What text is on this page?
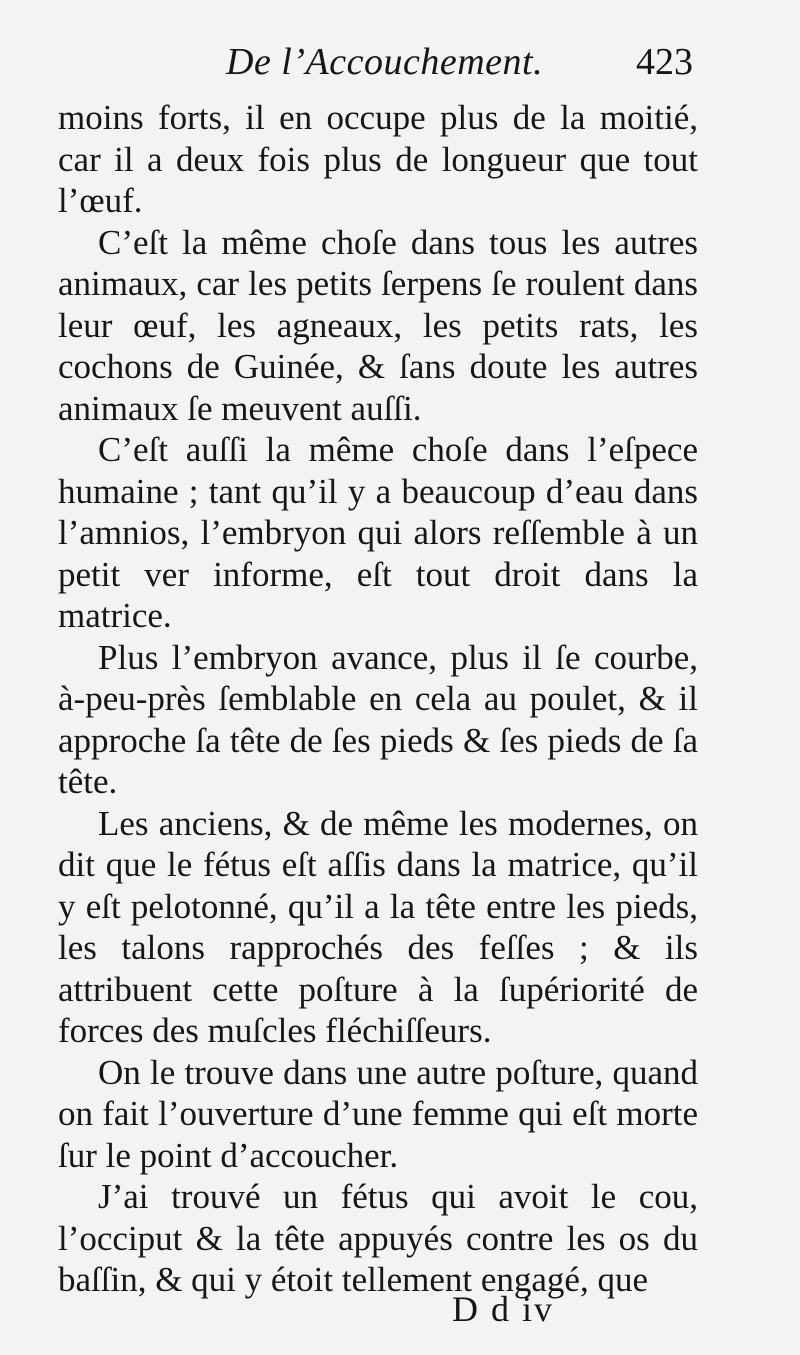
De l’Accouchement. 423

moins forts, il en occupe plus de la moitié, car il a deux fois plus de longueur que tout l’œuf.

C’eſt la même choſe dans tous les autres animaux, car les petits ſerpens ſe roulent dans leur œuf, les agneaux, les petits rats, les cochons de Guinée, & ſans doute les autres animaux ſe meuvent auſſi.

C’eſt auſſi la même choſe dans l’eſpece humaine ; tant qu’il y a beaucoup d’eau dans l’amnios, l’embryon qui alors reſſemble à un petit ver informe, eſt tout droit dans la matrice.

Plus l’embryon avance, plus il ſe courbe, à-peu-près ſemblable en cela au poulet, & il approche ſa tête de ſes pieds & ſes pieds de ſa tête.

Les anciens, & de même les modernes, on dit que le fétus eſt aſſis dans la matrice, qu’il y eſt pelotonné, qu’il a la tête entre les pieds, les talons rapprochés des feſſes ; & ils attribuent cette poſture à la ſupériorité de forces des muſcles fléchiſſeurs.

On le trouve dans une autre poſture, quand on fait l’ouverture d’une femme qui eſt morte ſur le point d’accoucher.

J’ai trouvé un fétus qui avoit le cou, l’occiput & la tête appuyés contre les os du baſſin, & qui y étoit tellement engagé, que

D d iv
